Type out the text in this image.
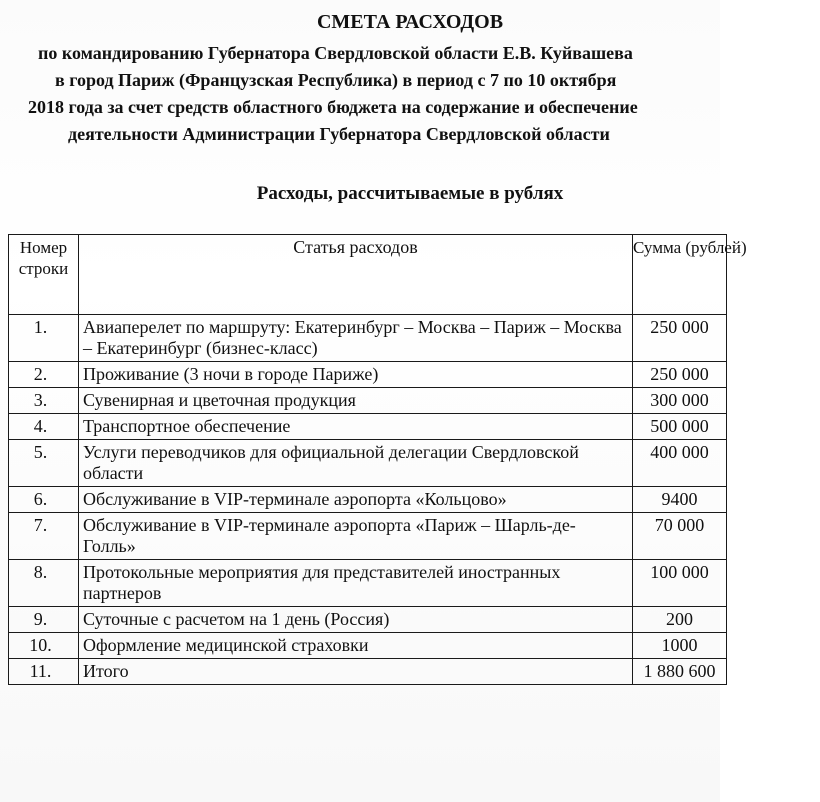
СМЕТА РАСХОДОВ

по командированию Губернатора Свердловской области Е.В. Куйвашева

в город Париж (Французская Республика) в период с 7 по 10 октября

2018 года за счет средств областного бюджета на содержание и обеспечение

деятельности Администрации Губернатора Свердловской области

Расходы, рассчитываемые в рублях
Номер строки	Статья расходов	Сумма (рублей)
1.	Авиаперелет по маршруту: Екатеринбург – Москва – Париж – Москва – Екатеринбург (бизнес-класс)	250 000
2.	Проживание (3 ночи в городе Париже)	250 000
3.	Сувенирная и цветочная продукция	300 000
4.	Транспортное обеспечение	500 000
5.	Услуги переводчиков для официальной делегации Свердловской области	400 000
6.	Обслуживание в VIP-терминале аэропорта «Кольцово»	9400
7.	Обслуживание в VIP-терминале аэропорта «Париж – Шарль-де-Голль»	70 000
8.	Протокольные мероприятия для представителей иностранных партнеров	100 000
9.	Суточные с расчетом на 1 день (Россия)	200
10.	Оформление медицинской страховки	1000
11.	Итого	1 880 600
